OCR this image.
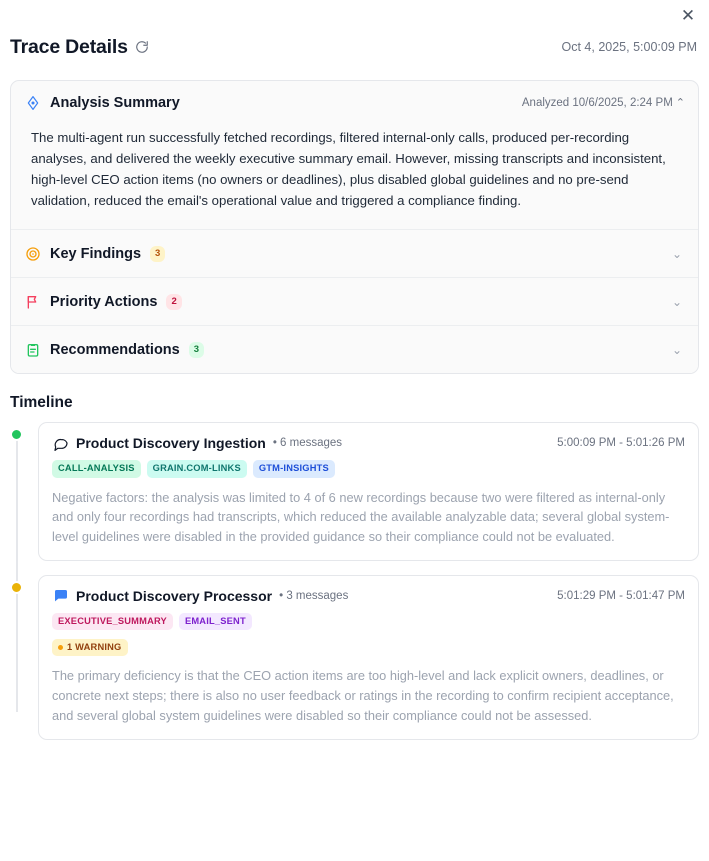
✕
Trace Details	Oct 4, 2025, 5:00:09 PM
Analysis Summary	Analyzed 10/6/2025, 2:24 PM ⌃
The multi-agent run successfully fetched recordings, filtered internal-only calls, produced per-recording analyses, and delivered the weekly executive summary email. However, missing transcripts and inconsistent, high-level CEO action items (no owners or deadlines), plus disabled global guidelines and no pre-send validation, reduced the email's operational value and triggered a compliance finding.
Key Findings	3	⌄
Priority Actions	2	⌄
Recommendations	3	⌄
Timeline
Product Discovery Ingestion • 6 messages	5:00:09 PM - 5:01:26 PM
CALL-ANALYSIS	GRAIN.COM-LINKS	GTM-INSIGHTS
Negative factors: the analysis was limited to 4 of 6 new recordings because two were filtered as internal-only and only four recordings had transcripts, which reduced the available analyzable data; several global system-level guidelines were disabled in the provided guidance so their compliance could not be evaluated.
Product Discovery Processor • 3 messages	5:01:29 PM - 5:01:47 PM
EXECUTIVE_SUMMARY	EMAIL_SENT
1 WARNING
The primary deficiency is that the CEO action items are too high-level and lack explicit owners, deadlines, or concrete next steps; there is also no user feedback or ratings in the recording to confirm recipient acceptance, and several global system guidelines were disabled so their compliance could not be assessed.
